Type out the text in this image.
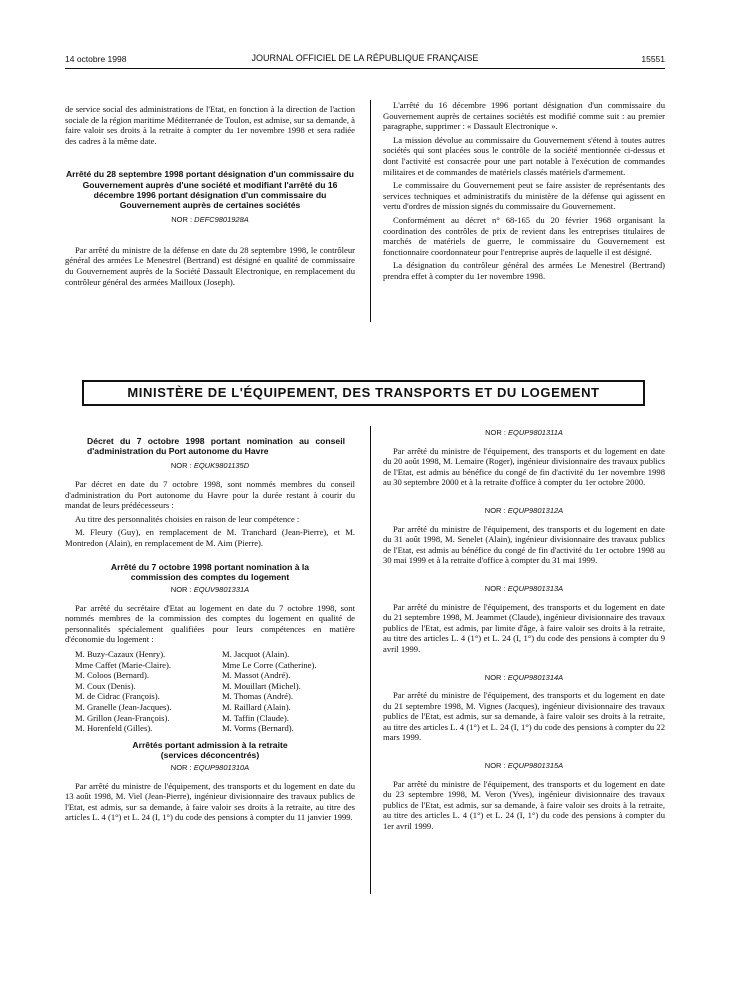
14 octobre 1998	JOURNAL OFFICIEL DE LA RÉPUBLIQUE FRANÇAISE	15551

de service social des administrations de l'Etat, en fonction à la direction de l'action sociale de la région maritime Méditerranée de Toulon, est admise, sur sa demande, à faire valoir ses droits à la retraite à compter du 1er novembre 1998 et sera radiée des cadres à la même date.

Arrêté du 28 septembre 1998 portant désignation d'un commissaire du Gouvernement auprès d'une société et modifiant l'arrêté du 16 décembre 1996 portant désignation d'un commissaire du Gouvernement auprès de certaines sociétés

NOR : DEFC9801928A

Par arrêté du ministre de la défense en date du 28 septembre 1998, le contrôleur général des armées Le Menestrel (Bertrand) est désigné en qualité de commissaire du Gouvernement auprès de la Société Dassault Electronique, en remplacement du contrôleur général des armées Mailloux (Joseph).

L'arrêté du 16 décembre 1996 portant désignation d'un commissaire du Gouvernement auprès de certaines sociétés est modifié comme suit : au premier paragraphe, supprimer : « Dassault Electronique ».

La mission dévolue au commissaire du Gouvernement s'étend à toutes autres sociétés qui sont placées sous le contrôle de la société mentionnée ci-dessus et dont l'activité est consacrée pour une part notable à l'exécution de commandes militaires et de commandes de matériels classés matériels d'armement.

Le commissaire du Gouvernement peut se faire assister de représentants des services techniques et administratifs du ministère de la défense qui agissent en vertu d'ordres de mission signés du commissaire du Gouvernement.

Conformément au décret n° 68-165 du 20 février 1968 organisant la coordination des contrôles de prix de revient dans les entreprises titulaires de marchés de matériels de guerre, le commissaire du Gouvernement est fonctionnaire coordonnateur pour l'entreprise auprès de laquelle il est désigné.

La désignation du contrôleur général des armées Le Menestrel (Bertrand) prendra effet à compter du 1er novembre 1998.

MINISTÈRE DE L'ÉQUIPEMENT, DES TRANSPORTS ET DU LOGEMENT

Décret du 7 octobre 1998 portant nomination au conseil d'administration du Port autonome du Havre

NOR : EQUK9801135D

Par décret en date du 7 octobre 1998, sont nommés membres du conseil d'administration du Port autonome du Havre pour la durée restant à courir du mandat de leurs prédécesseurs :

Au titre des personnalités choisies en raison de leur compétence :

M. Fleury (Guy), en remplacement de M. Tranchard (Jean-Pierre), et M. Montredon (Alain), en remplacement de M. Aim (Pierre).

Arrêté du 7 octobre 1998 portant nomination à la commission des comptes du logement

NOR : EQUV9801331A

Par arrêté du secrétaire d'Etat au logement en date du 7 octobre 1998, sont nommés membres de la commission des comptes du logement en qualité de personnalités spécialement qualifiées pour leurs compétences en matière d'économie du logement :

M. Buzy-Cazaux (Henry).
Mme Caffet (Marie-Claire).
M. Coloos (Bernard).
M. Coux (Denis).
M. de Cidrac (François).
M. Granelle (Jean-Jacques).
M. Grillon (Jean-François).
M. Horenfeld (Gilles).
M. Jacquot (Alain).
Mme Le Corre (Catherine).
M. Massot (André).
M. Mouillart (Michel).
M. Thomas (André).
M. Raillard (Alain).
M. Taffin (Claude).
M. Vorms (Bernard).

Arrêtés portant admission à la retraite (services déconcentrés)

NOR : EQUP9801310A

Par arrêté du ministre de l'équipement, des transports et du logement en date du 13 août 1998, M. Viel (Jean-Pierre), ingénieur divisionnaire des travaux publics de l'Etat, est admis, sur sa demande, à faire valoir ses droits à la retraite, au titre des articles L. 4 (1°) et L. 24 (I, 1°) du code des pensions à compter du 11 janvier 1999.

NOR : EQUP9801311A

Par arrêté du ministre de l'équipement, des transports et du logement en date du 20 août 1998, M. Lemaire (Roger), ingénieur divisionnaire des travaux publics de l'Etat, est admis au bénéfice du congé de fin d'activité du 1er novembre 1998 au 30 septembre 2000 et à la retraite d'office à compter du 1er octobre 2000.

NOR : EQUP9801312A

Par arrêté du ministre de l'équipement, des transports et du logement en date du 31 août 1998, M. Senelet (Alain), ingénieur divisionnaire des travaux publics de l'Etat, est admis au bénéfice du congé de fin d'activité du 1er octobre 1998 au 30 mai 1999 et à la retraite d'office à compter du 31 mai 1999.

NOR : EQUP9801313A

Par arrêté du ministre de l'équipement, des transports et du logement en date du 21 septembre 1998, M. Jeammet (Claude), ingénieur divisionnaire des travaux publics de l'Etat, est admis, par limite d'âge, à faire valoir ses droits à la retraite, au titre des articles L. 4 (1°) et L. 24 (I, 1°) du code des pensions à compter du 9 avril 1999.

NOR : EQUP9801314A

Par arrêté du ministre de l'équipement, des transports et du logement en date du 21 septembre 1998, M. Vignes (Jacques), ingénieur divisionnaire des travaux publics de l'Etat, est admis, sur sa demande, à faire valoir ses droits à la retraite, au titre des articles L. 4 (1°) et L. 24 (I, 1°) du code des pensions à compter du 22 mars 1999.

NOR : EQUP9801315A

Par arrêté du ministre de l'équipement, des transports et du logement en date du 23 septembre 1998, M. Veron (Yves), ingénieur divisionnaire des travaux publics de l'Etat, est admis, sur sa demande, à faire valoir ses droits à la retraite, au titre des articles L. 4 (1°) et L. 24 (I, 1°) du code des pensions à compter du 1er avril 1999.
